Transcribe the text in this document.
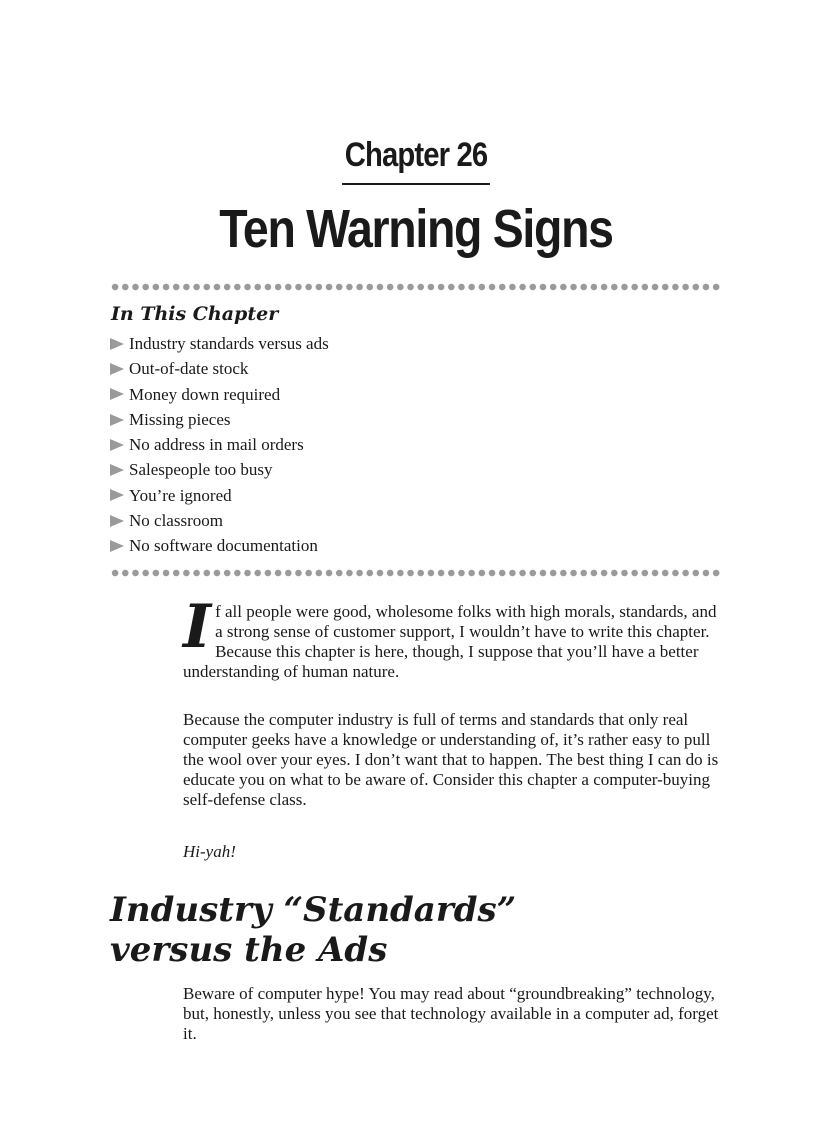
Chapter 26
Ten Warning Signs
In This Chapter
Industry standards versus ads
Out-of-date stock
Money down required
Missing pieces
No address in mail orders
Salespeople too busy
You’re ignored
No classroom
No software documentation

If all people were good, wholesome folks with high morals, standards, and a strong sense of customer support, I wouldn’t have to write this chapter. Because this chapter is here, though, I suppose that you’ll have a better understanding of human nature.

Because the computer industry is full of terms and standards that only real computer geeks have a knowledge or understanding of, it’s rather easy to pull the wool over your eyes. I don’t want that to happen. The best thing I can do is educate you on what to be aware of. Consider this chapter a computer-buying self-defense class.

Hi-yah!

Industry “Standards”
versus the Ads

Beware of computer hype! You may read about “groundbreaking” technology, but, honestly, unless you see that technology available in a computer ad, forget it.
